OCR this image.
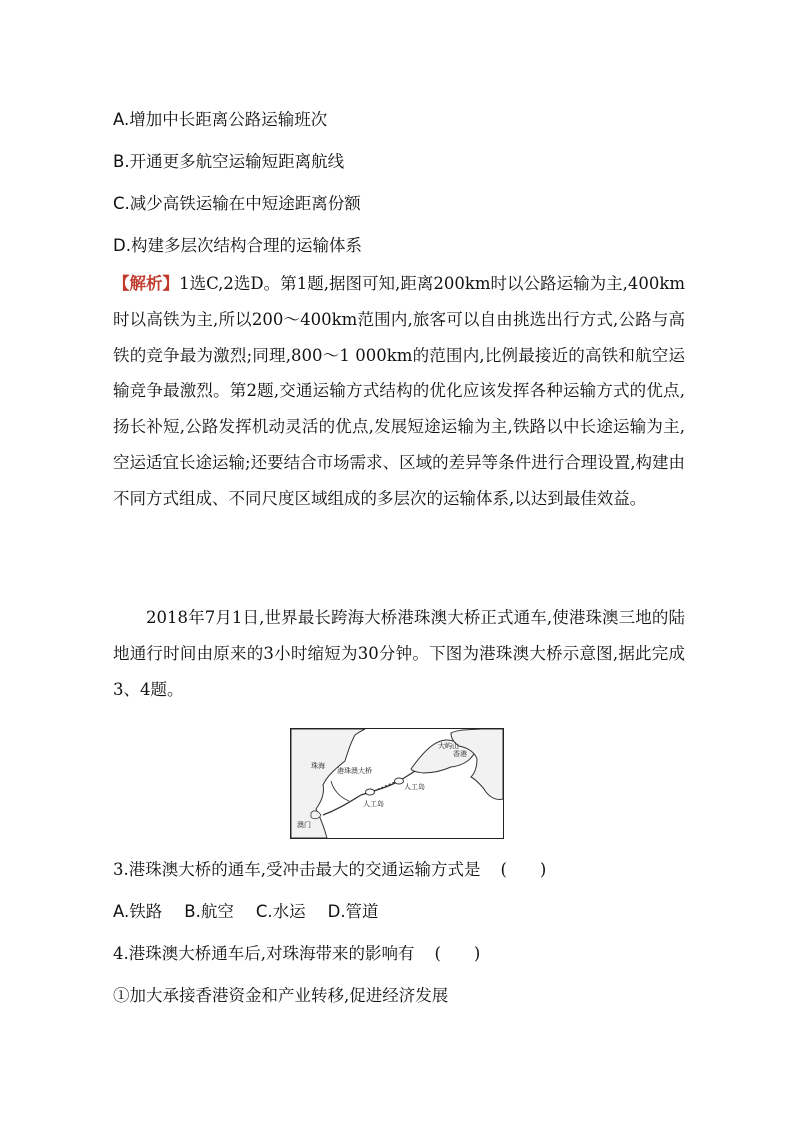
A.增加中长距离公路运输班次
B.开通更多航空运输短距离航线
C.减少高铁运输在中短途距离份额
D.构建多层次结构合理的运输体系
【解析】1选C,2选D。第1题,据图可知,距离200km时以公路运输为主,400km时以高铁为主,所以200～400km范围内,旅客可以自由挑选出行方式,公路与高铁的竞争最为激烈;同理,800～1 000km的范围内,比例最接近的高铁和航空运输竞争最激烈。第2题,交通运输方式结构的优化应该发挥各种运输方式的优点,扬长补短,公路发挥机动灵活的优点,发展短途运输为主,铁路以中长途运输为主,空运适宜长途运输;还要结合市场需求、区域的差异等条件进行合理设置,构建由不同方式组成、不同尺度区域组成的多层次的运输体系,以达到最佳效益。
2018年7月1日,世界最长跨海大桥港珠澳大桥正式通车,使港珠澳三地的陆地通行时间由原来的3小时缩短为30分钟。下图为港珠澳大桥示意图,据此完成3、4题。
珠海
港珠澳大桥
澳门
人工岛
人工岛
香港
大屿山
3.港珠澳大桥的通车,受冲击最大的交通运输方式是 (　　)
A.铁路 B.航空 C.水运 D.管道
4.港珠澳大桥通车后,对珠海带来的影响有 (　　)
①加大承接香港资金和产业转移,促进经济发展
